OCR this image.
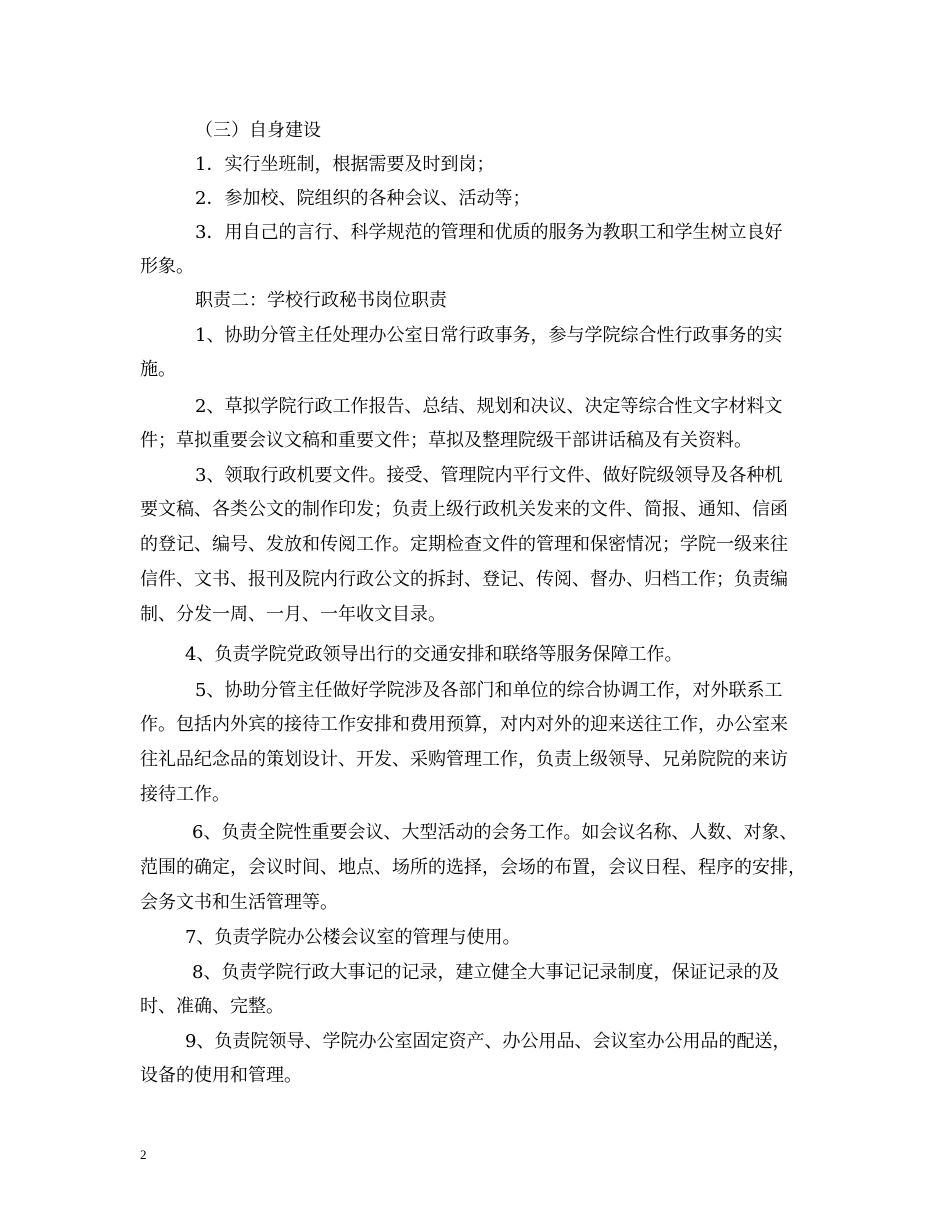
（三）自身建设
1．实行坐班制，根据需要及时到岗；
2．参加校、院组织的各种会议、活动等；
3．用自己的言行、科学规范的管理和优质的服务为教职工和学生树立良好
形象。
职责二：学校行政秘书岗位职责
1、协助分管主任处理办公室日常行政事务，参与学院综合性行政事务的实
施。
2、草拟学院行政工作报告、总结、规划和决议、决定等综合性文字材料文
件；草拟重要会议文稿和重要文件；草拟及整理院级干部讲话稿及有关资料。
3、领取行政机要文件。接受、管理院内平行文件、做好院级领导及各种机
要文稿、各类公文的制作印发；负责上级行政机关发来的文件、简报、通知、信函
的登记、编号、发放和传阅工作。定期检查文件的管理和保密情况；学院一级来往
信件、文书、报刊及院内行政公文的拆封、登记、传阅、督办、归档工作；负责编
制、分发一周、一月、一年收文目录。
4、负责学院党政领导出行的交通安排和联络等服务保障工作。
5、协助分管主任做好学院涉及各部门和单位的综合协调工作，对外联系工
作。包括内外宾的接待工作安排和费用预算，对内对外的迎来送往工作，办公室来
往礼品纪念品的策划设计、开发、采购管理工作，负责上级领导、兄弟院院的来访
接待工作。
6、负责全院性重要会议、大型活动的会务工作。如会议名称、人数、对象、
范围的确定，会议时间、地点、场所的选择，会场的布置，会议日程、程序的安排，
会务文书和生活管理等。
7、负责学院办公楼会议室的管理与使用。
8、负责学院行政大事记的记录，建立健全大事记记录制度，保证记录的及
时、准确、完整。
9、负责院领导、学院办公室固定资产、办公用品、会议室办公用品的配送，
设备的使用和管理。
2
